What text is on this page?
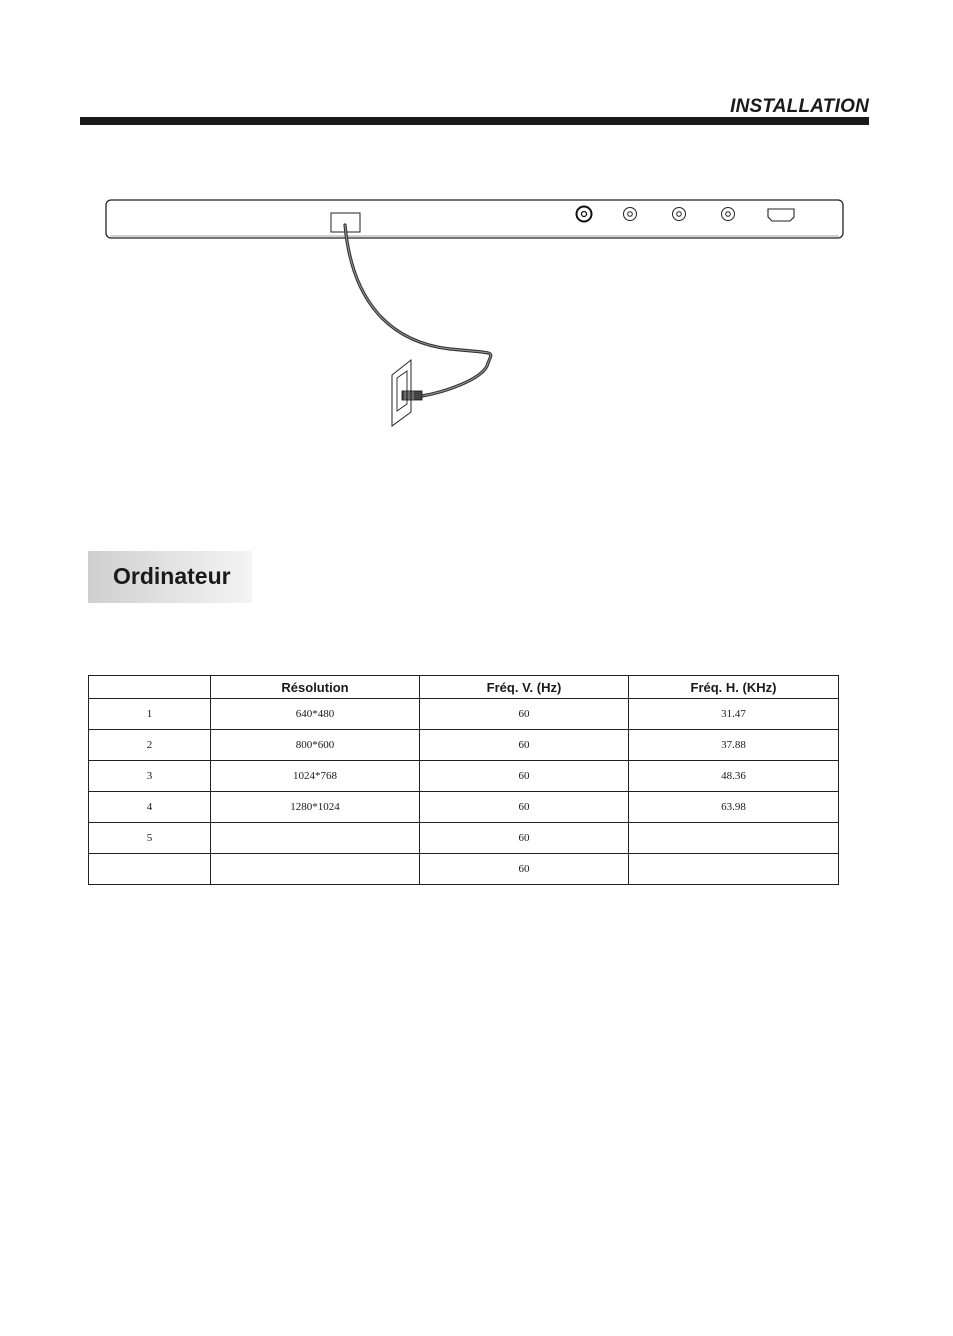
INSTALLATION
Ordinateur
	Résolution	Fréq. V. (Hz)	Fréq. H. (KHz)
1	640*480	60	31.47
2	800*600	60	37.88
3	1024*768	60	48.36
4	1280*1024	60	63.98
5		60	
		60	
